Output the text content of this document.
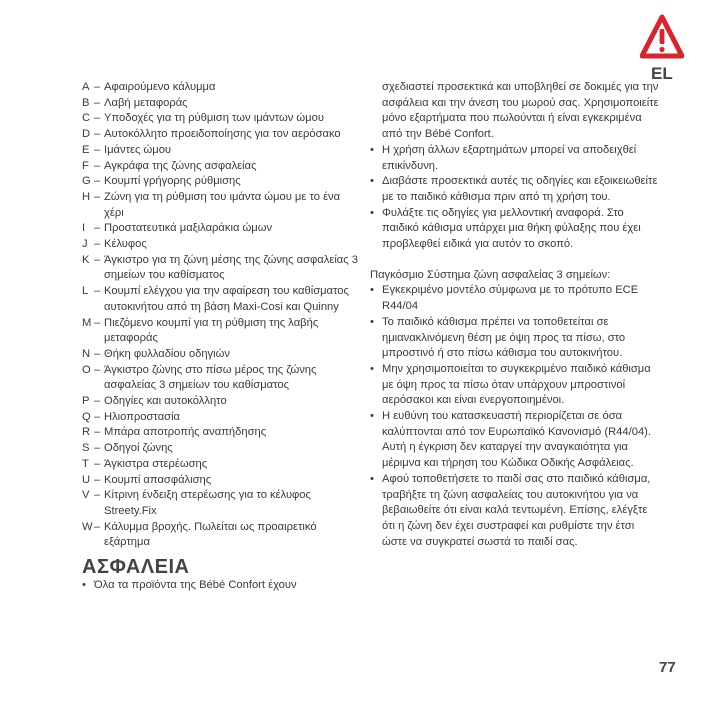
EL
A – Αφαιρούμενο κάλυμμα
B – Λαβή μεταφοράς
C – Υποδοχές για τη ρύθμιση των ιμάντων ώμου
D – Αυτοκόλλητο προειδοποίησης για τον αερόσακο
E – Ιμάντες ώμου
F – Αγκράφα της ζώνης ασφαλείας
G – Κουμπί γρήγορης ρύθμισης
H – Ζώνη για τη ρύθμιση του ιμάντα ώμου με το ένα χέρι
I – Προστατευτικά μαξιλαράκια ώμων
J – Κέλυφος
K – Άγκιστρο για τη ζώνη μέσης της ζώνης ασφαλείας 3 σημείων του καθίσματος
L – Κουμπί ελέγχου για την αφαίρεση του καθίσματος αυτοκινήτου από τη βάση Maxi-Cosi και Quinny
M – Πιεζόμενο κουμπί για τη ρύθμιση της λαβής μεταφοράς
N – Θήκη φυλλαδίου οδηγιών
O – Άγκιστρο ζώνης στο πίσω μέρος της ζώνης ασφαλείας 3 σημείων του καθίσματος
P – Οδηγίες και αυτοκόλλητο
Q – Ηλιοπροστασία
R – Μπάρα αποτροπής αναπήδησης
S – Οδηγοί ζώνης
T – Άγκιστρα στερέωσης
U – Κουμπί απασφάλισης
V – Κίτρινη ένδειξη στερέωσης για το κέλυφος Streety.Fix
W – Κάλυμμα βροχής. Πωλείται ως προαιρετικό εξάρτημα
ΑΣΦΑΛΕΙΑ
• Όλα τα προϊόντα της Bébé Confort έχουν

σχεδιαστεί προσεκτικά και υποβληθεί σε δοκιμές για την ασφάλεια και την άνεση του μωρού σας. Χρησιμοποιείτε μόνο εξαρτήματα που πωλούνται ή είναι εγκεκριμένα από την Bébé Confort.

• Η χρήση άλλων εξαρτημάτων μπορεί να αποδειχθεί επικίνδυνη.
• Διαβάστε προσεκτικά αυτές τις οδηγίες και εξοικειωθείτε με το παιδικό κάθισμα πριν από τη χρήση του.
• Φυλάξτε τις οδηγίες για μελλοντική αναφορά. Στο παιδικό κάθισμα υπάρχει μια θήκη φύλαξης που έχει προβλεφθεί ειδικά για αυτόν το σκοπό.

Παγκόσμιο Σύστημα ζώνη ασφαλείας 3 σημείων:

• Εγκεκριμένο μοντέλο σύμφωνα με το πρότυπο ECE R44/04
• Το παιδικό κάθισμα πρέπει να τοποθετείται σε ημιανακλινόμενη θέση με όψη προς τα πίσω, στο μπροστινό ή στο πίσω κάθισμα του αυτοκινήτου.
• Μην χρησιμοποιείται το συγκεκριμένο παιδικό κάθισμα με όψη προς τα πίσω όταν υπάρχουν μπροστινοί αερόσακοι και είναι ενεργοποιημένοι.
• Η ευθύνη του κατασκευαστή περιορίζεται σε όσα καλύπτονται από τον Ευρωπαϊκό Κανονισμό (R44/04). Αυτή η έγκριση δεν καταργεί την αναγκαιότητα για μέριμνα και τήρηση του Κώδικα Οδικής Ασφάλειας.
• Αφού τοποθετήσετε το παιδί σας στο παιδικό κάθισμα, τραβήξτε τη ζώνη ασφαλείας του αυτοκινήτου για να βεβαιωθείτε ότι είναι καλά τεντωμένη. Επίσης, ελέγξτε ότι η ζώνη δεν έχει συστραφεί και ρυθμίστε την έτσι ώστε να συγκρατεί σωστά το παιδί σας.
77
